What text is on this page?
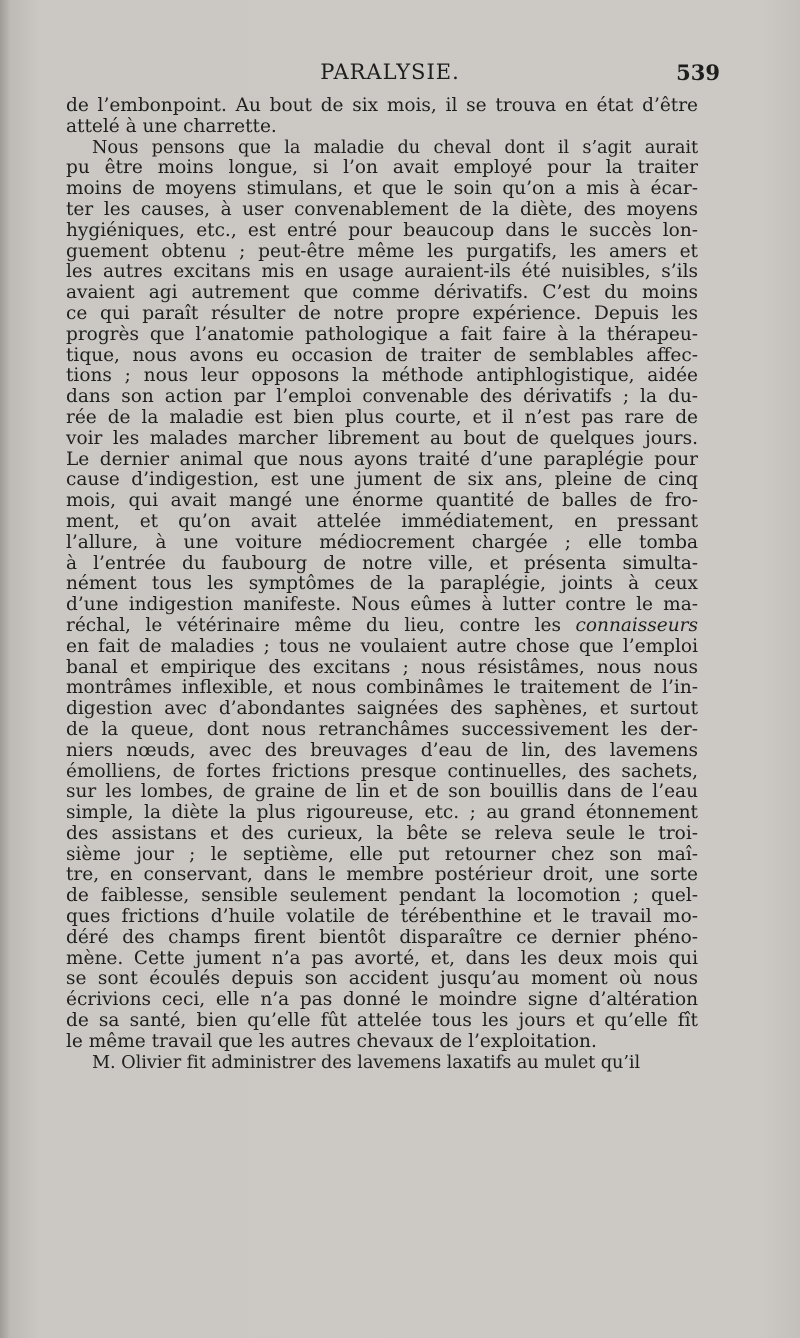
PARALYSIE.	539

de l’embonpoint. Au bout de six mois, il se trouva en état d’être
attelé à une charrette.

Nous pensons que la maladie du cheval dont il s’agit aurait
pu être moins longue, si l’on avait employé pour la traiter
moins de moyens stimulans, et que le soin qu’on a mis à écar-
ter les causes, à user convenablement de la diète, des moyens
hygiéniques, etc., est entré pour beaucoup dans le succès lon-
guement obtenu ; peut-être même les purgatifs, les amers et
les autres excitans mis en usage auraient-ils été nuisibles, s’ils
avaient agi autrement que comme dérivatifs. C’est du moins
ce qui paraît résulter de notre propre expérience. Depuis les
progrès que l’anatomie pathologique a fait faire à la thérapeu-
tique, nous avons eu occasion de traiter de semblables affec-
tions ; nous leur opposons la méthode antiphlogistique, aidée
dans son action par l’emploi convenable des dérivatifs ; la du-
rée de la maladie est bien plus courte, et il n’est pas rare de
voir les malades marcher librement au bout de quelques jours.
Le dernier animal que nous ayons traité d’une paraplégie pour
cause d’indigestion, est une jument de six ans, pleine de cinq
mois, qui avait mangé une énorme quantité de balles de fro-
ment, et qu’on avait attelée immédiatement, en pressant
l’allure, à une voiture médiocrement chargée ; elle tomba
à l’entrée du faubourg de notre ville, et présenta simulta-
nément tous les symptômes de la paraplégie, joints à ceux
d’une indigestion manifeste. Nous eûmes à lutter contre le ma-
réchal, le vétérinaire même du lieu, contre les connaisseurs
en fait de maladies ; tous ne voulaient autre chose que l’emploi
banal et empirique des excitans ; nous résistâmes, nous nous
montrâmes inflexible, et nous combinâmes le traitement de l’in-
digestion avec d’abondantes saignées des saphènes, et surtout
de la queue, dont nous retranchâmes successivement les der-
niers nœuds, avec des breuvages d’eau de lin, des lavemens
émolliens, de fortes frictions presque continuelles, des sachets,
sur les lombes, de graine de lin et de son bouillis dans de l’eau
simple, la diète la plus rigoureuse, etc. ; au grand étonnement
des assistans et des curieux, la bête se releva seule le troi-
sième jour ; le septième, elle put retourner chez son maî-
tre, en conservant, dans le membre postérieur droit, une sorte
de faiblesse, sensible seulement pendant la locomotion ; quel-
ques frictions d’huile volatile de térébenthine et le travail mo-
déré des champs firent bientôt disparaître ce dernier phéno-
mène. Cette jument n’a pas avorté, et, dans les deux mois qui
se sont écoulés depuis son accident jusqu’au moment où nous
écrivions ceci, elle n’a pas donné le moindre signe d’altération
de sa santé, bien qu’elle fût attelée tous les jours et qu’elle fît
le même travail que les autres chevaux de l’exploitation.

M. Olivier fit administrer des lavemens laxatifs au mulet qu’il
